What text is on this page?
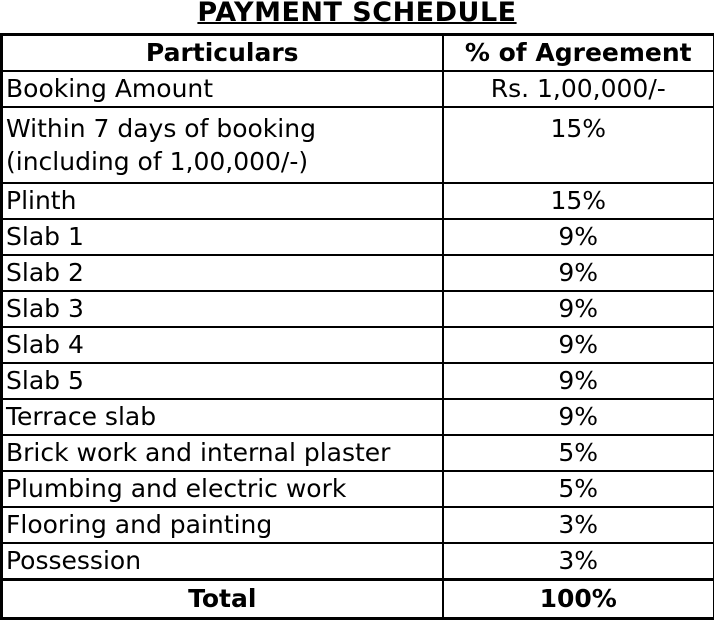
PAYMENT SCHEDULE
Particulars	% of Agreement
Booking Amount	Rs. 1,00,000/-
Within 7 days of booking
(including of 1,00,000/-)	15%
Plinth	15%
Slab 1	9%
Slab 2	9%
Slab 3	9%
Slab 4	9%
Slab 5	9%
Terrace slab	9%
Brick work and internal plaster	5%
Plumbing and electric work	5%
Flooring and painting	3%
Possession	3%
Total	100%
